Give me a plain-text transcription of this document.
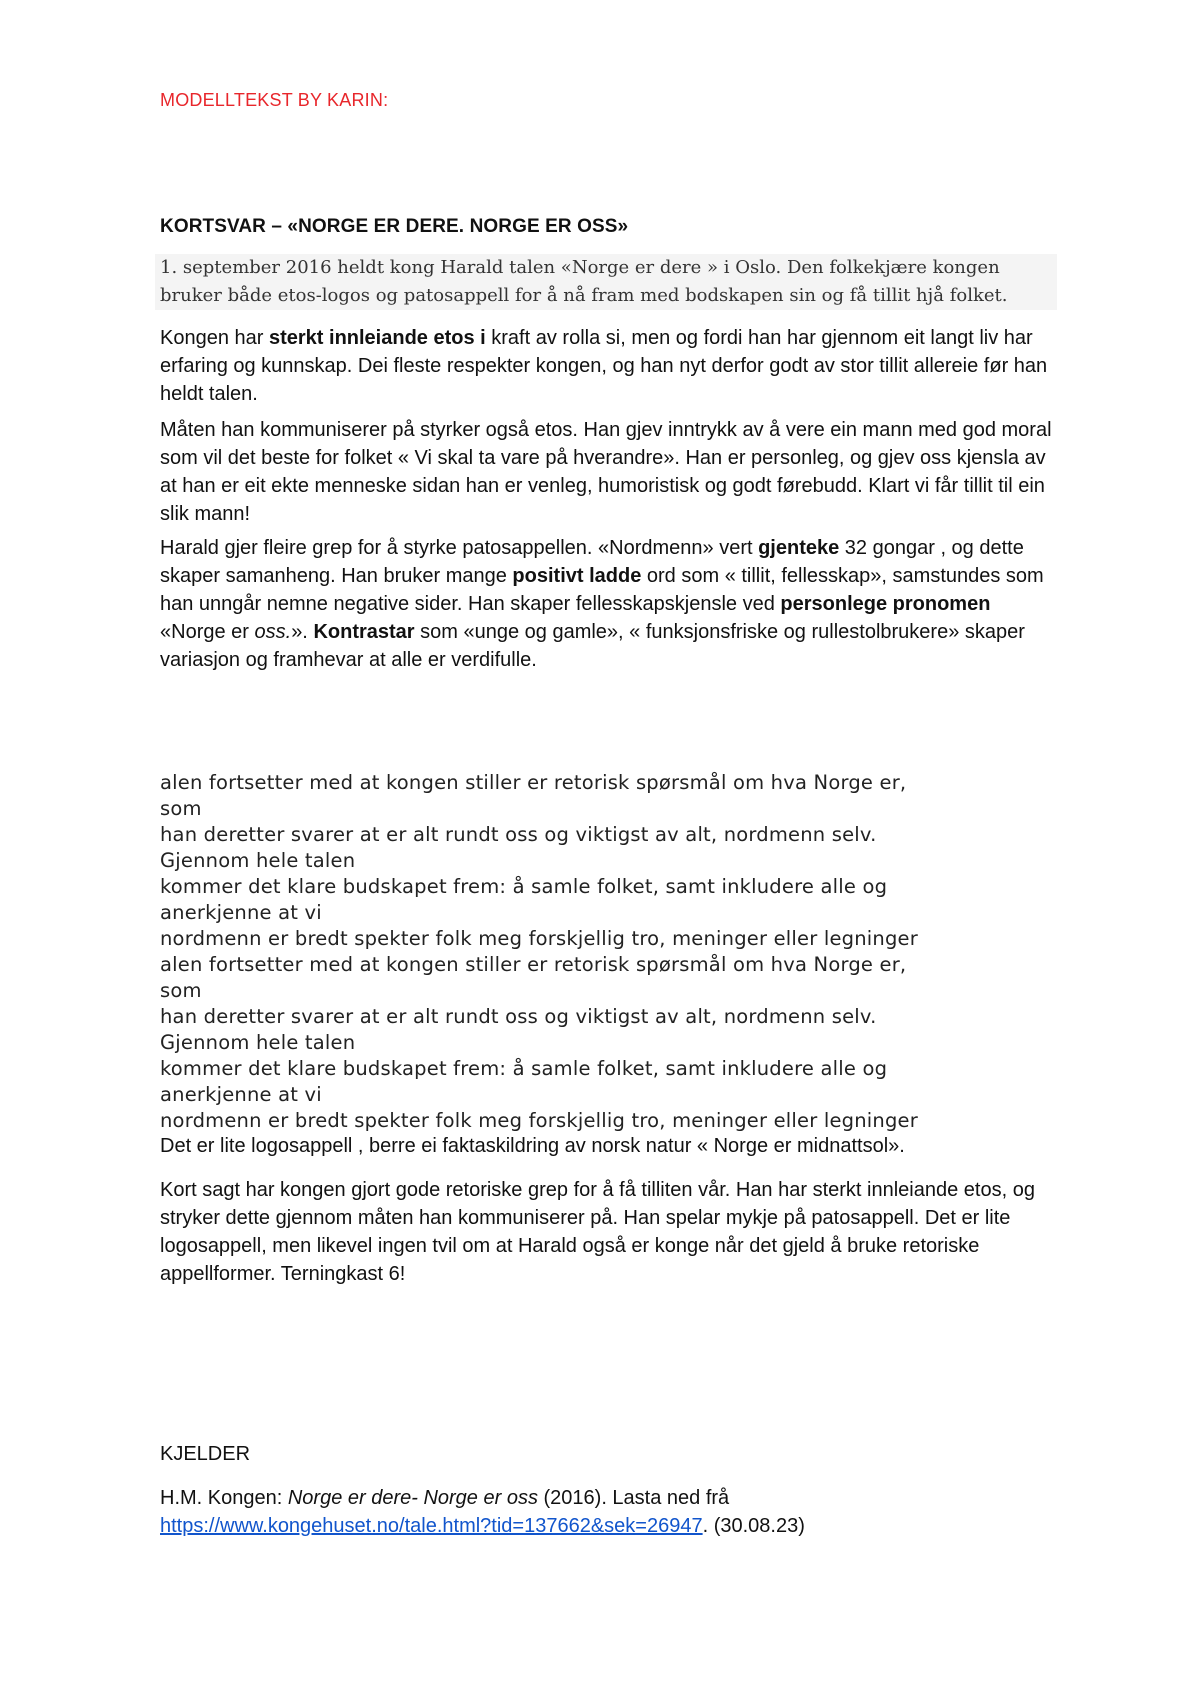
MODELLTEKST BY KARIN:
KORTSVAR – «NORGE ER DERE. NORGE ER OSS»
1. september 2016 heldt kong Harald talen «Norge er dere » i Oslo. Den folkekjære kongen bruker både etos-logos og patosappell for å nå fram med bodskapen sin og få tillit hjå folket.

Kongen har sterkt innleiande etos i kraft av rolla si, men og fordi han har gjennom eit langt liv har erfaring og kunnskap. Dei fleste respekter kongen, og han nyt derfor godt av stor tillit allereie før han heldt talen.

Måten han kommuniserer på styrker også etos. Han gjev inntrykk av å vere ein mann med god moral som vil det beste for folket « Vi skal ta vare på hverandre». Han er personleg, og gjev oss kjensla av at han er eit ekte menneske sidan han er venleg, humoristisk og godt førebudd. Klart vi får tillit til ein slik mann!

Harald gjer fleire grep for å styrke patosappellen. «Nordmenn» vert gjenteke 32 gongar , og dette skaper samanheng. Han bruker mange positivt ladde ord som « tillit, fellesskap», samstundes som han unngår nemne negative sider. Han skaper fellesskapskjensle ved personlege pronomen «Norge er oss.». Kontrastar som «unge og gamle», « funksjonsfriske og rullestolbrukere» skaper variasjon og framhevar at alle er verdifulle.

alen fortsetter med at kongen stiller er retorisk spørsmål om hva Norge er,
som
han deretter svarer at er alt rundt oss og viktigst av alt, nordmenn selv.
Gjennom hele talen
kommer det klare budskapet frem: å samle folket, samt inkludere alle og
anerkjenne at vi
nordmenn er bredt spekter folk meg forskjellig tro, meninger eller legninger
alen fortsetter med at kongen stiller er retorisk spørsmål om hva Norge er,
som
han deretter svarer at er alt rundt oss og viktigst av alt, nordmenn selv.
Gjennom hele talen
kommer det klare budskapet frem: å samle folket, samt inkludere alle og
anerkjenne at vi
nordmenn er bredt spekter folk meg forskjellig tro, meninger eller legninger
Det er lite logosappell , berre ei faktaskildring av norsk natur « Norge er midnattsol».

Kort sagt har kongen gjort gode retoriske grep for å få tilliten vår. Han har sterkt innleiande etos, og stryker dette gjennom måten han kommuniserer på. Han spelar mykje på patosappell. Det er lite logosappell, men likevel ingen tvil om at Harald også er konge når det gjeld å bruke retoriske appellformer. Terningkast 6!

KJELDER
H.M. Kongen: Norge er dere- Norge er oss (2016). Lasta ned frå
https://www.kongehuset.no/tale.html?tid=137662&sek=26947. (30.08.23)
